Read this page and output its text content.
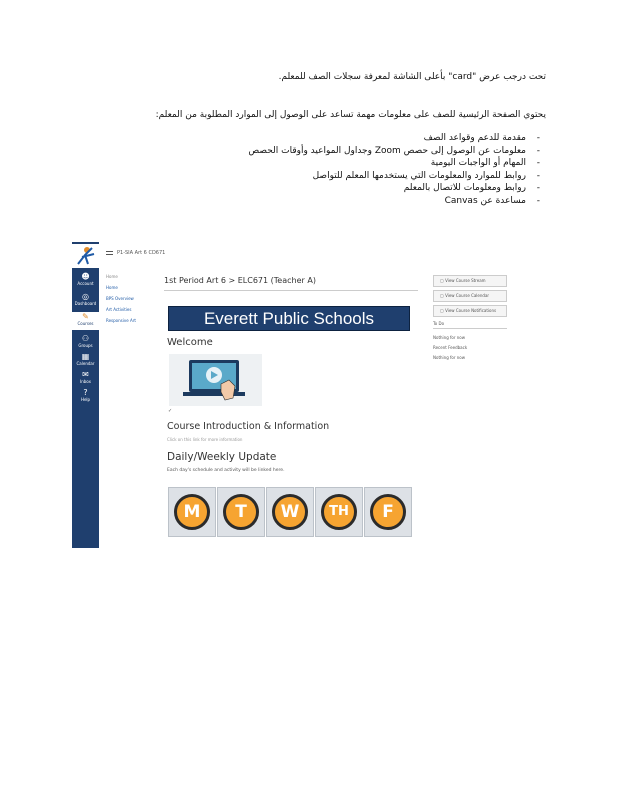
تحت درجب عرض "card" بأعلى الشاشة لمعرفة سجلات الصف للمعلم.
يحتوي الصفحة الرئيسية للصف على معلومات مهمة تساعد على الوصول إلى الموارد المطلوبة من المعلم:
- مقدمة للدعم وقواعد الصف
- معلومات عن الوصول إلى حصص Zoom وجداول المواعيد وأوقات الحصص
- المهام أو الواجبات اليومية
- روابط للموارد والمعلومات التي يستخدمها المعلم للتواصل
- روابط ومعلومات للاتصال بالمعلم
- مساعدة عن Canvas
☻
Account
◎
Dashboard
✎
Courses
⚇
Groups
▦
Calendar
✉
Inbox
?
Help
P1-SIA Art 6 CD671
Home
Home
BPS Overview
Art Activities
Responsive Art
1st Period Art 6 > ELC671 (Teacher A)
Everett Public Schools
Welcome
✓
Course Introduction & Information
Click on this link for more information
Daily/Weekly Update
Each day's schedule and activity will be linked here.
M	T	W	TH	F
▢ View Course Stream
▢ View Course Calendar
▢ View Course Notifications
To Do
Nothing for now
Recent Feedback
Nothing for now
